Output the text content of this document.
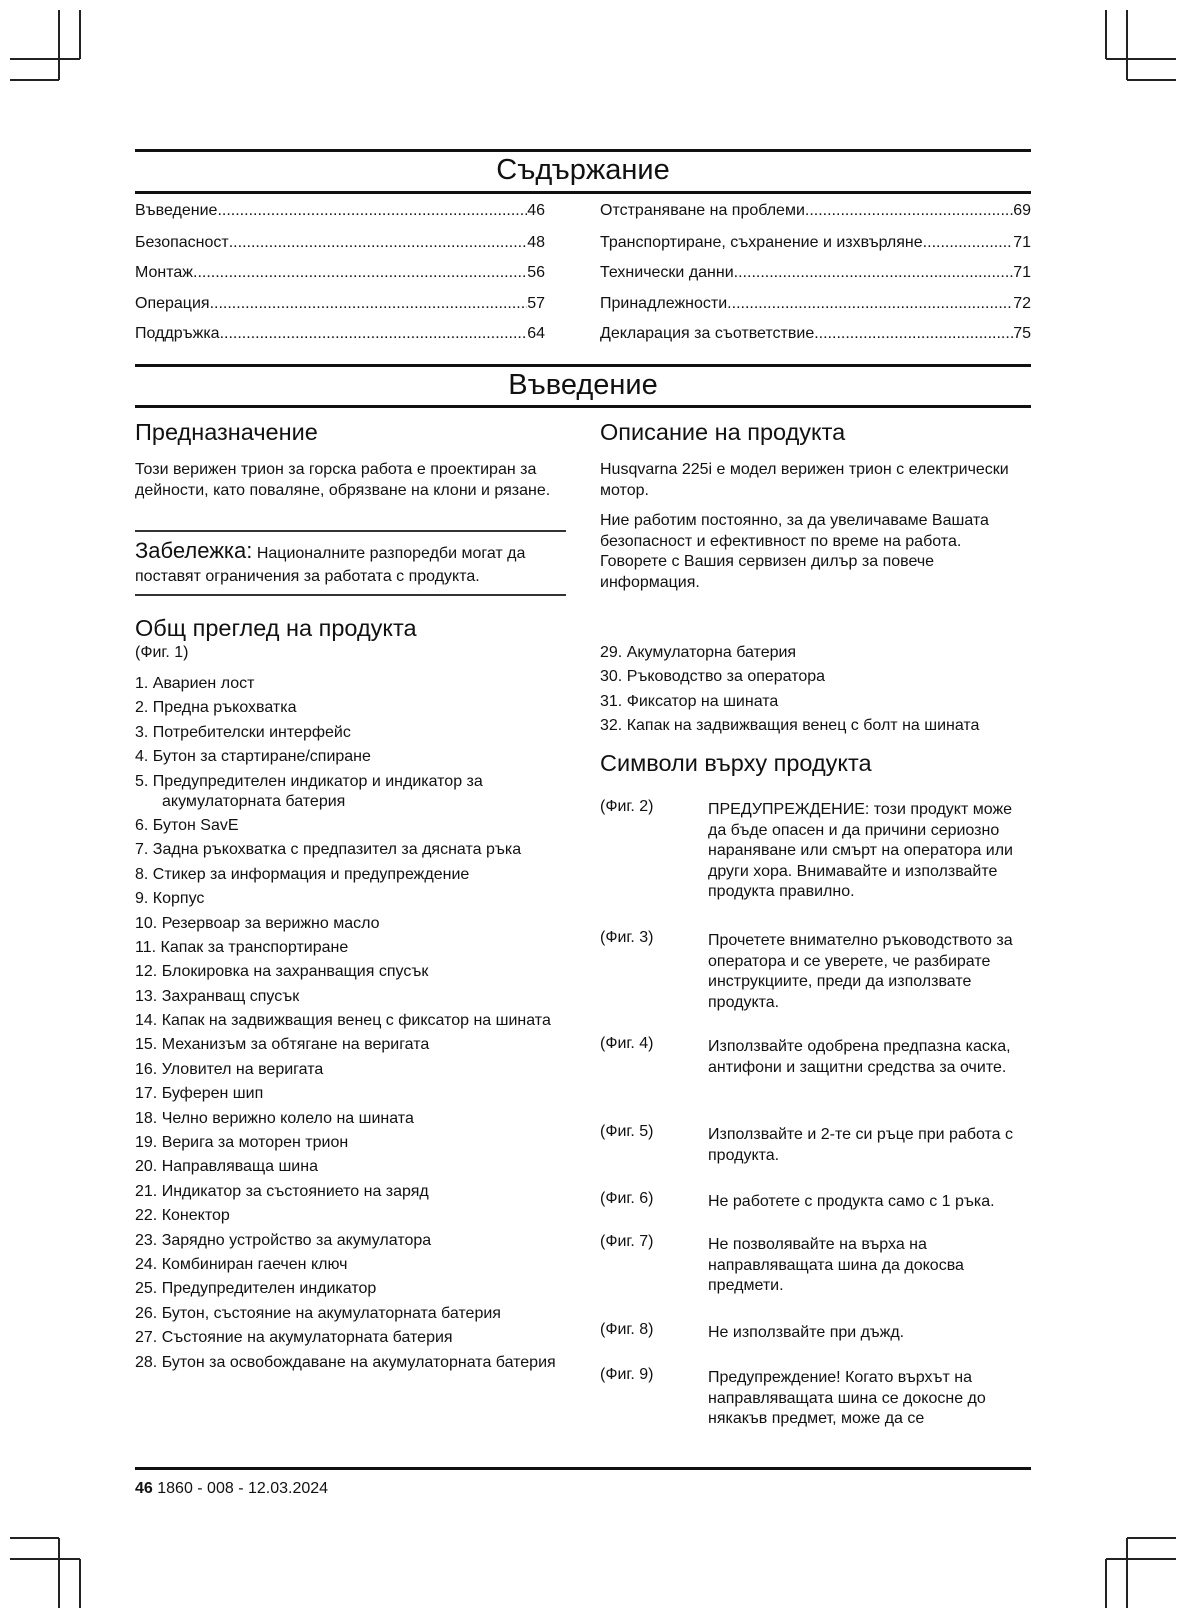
Съдържание
Въведение .....	46
Безопасност .....	48
Монтаж .....	56
Операция .....	57
Поддръжка .....	64
Отстраняване на проблеми .....	69
Транспортиране, съхранение и изхвърляне .....	71
Технически данни .....	71
Принадлежности .....	72
Декларация за съответствие .....	75
Въведение
Предназначение
Този верижен трион за горска работа е проектиран за дейности, като поваляне, обрязване на клони и рязане.
Забележка: Националните разпоредби могат да поставят ограничения за работата с продукта.
Общ преглед на продукта
(Фиг. 1)
1. Авариен лост
2. Предна ръкохватка
3. Потребителски интерфейс
4. Бутон за стартиране/спиране
5. Предупредителен индикатор и индикатор за акумулаторната батерия
6. Бутон SavE
7. Задна ръкохватка с предпазител за дясната ръка
8. Стикер за информация и предупреждение
9. Корпус
10. Резервоар за верижно масло
11. Капак за транспортиране
12. Блокировка на захранващия спусък
13. Захранващ спусък
14. Капак на задвижващия венец с фиксатор на шината
15. Механизъм за обтягане на веригата
16. Уловител на веригата
17. Буферен шип
18. Челно верижно колело на шината
19. Верига за моторен трион
20. Направляваща шина
21. Индикатор за състоянието на заряд
22. Конектор
23. Зарядно устройство за акумулатора
24. Комбиниран гаечен ключ
25. Предупредителен индикатор
26. Бутон, състояние на акумулаторната батерия
27. Състояние на акумулаторната батерия
28. Бутон за освобождаване на акумулаторната батерия
Описание на продукта
Husqvarna 225i е модел верижен трион с електрически мотор.
Ние работим постоянно, за да увеличаваме Вашата безопасност и ефективност по време на работа. Говорете с Вашия сервизен дилър за повече информация.
29. Акумулаторна батерия
30. Ръководство за оператора
31. Фиксатор на шината
32. Капак на задвижващия венец с болт на шината
Символи върху продукта
(Фиг. 2)	ПРЕДУПРЕЖДЕНИЕ: този продукт може да бъде опасен и да причини сериозно нараняване или смърт на оператора или други хора. Внимавайте и използвайте продукта правилно.
(Фиг. 3)	Прочетете внимателно ръководството за оператора и се уверете, че разбирате инструкциите, преди да използвате продукта.
(Фиг. 4)	Използвайте одобрена предпазна каска, антифони и защитни средства за очите.
(Фиг. 5)	Използвайте и 2-те си ръце при работа с продукта.
(Фиг. 6)	Не работете с продукта само с 1 ръка.
(Фиг. 7)	Не позволявайте на върха на направляващата шина да докосва предмети.
(Фиг. 8)	Не използвайте при дъжд.
(Фиг. 9)	Предупреждение! Когато върхът на направляващата шина се докосне до някакъв предмет, може да се
46 1860 - 008 - 12.03.2024
